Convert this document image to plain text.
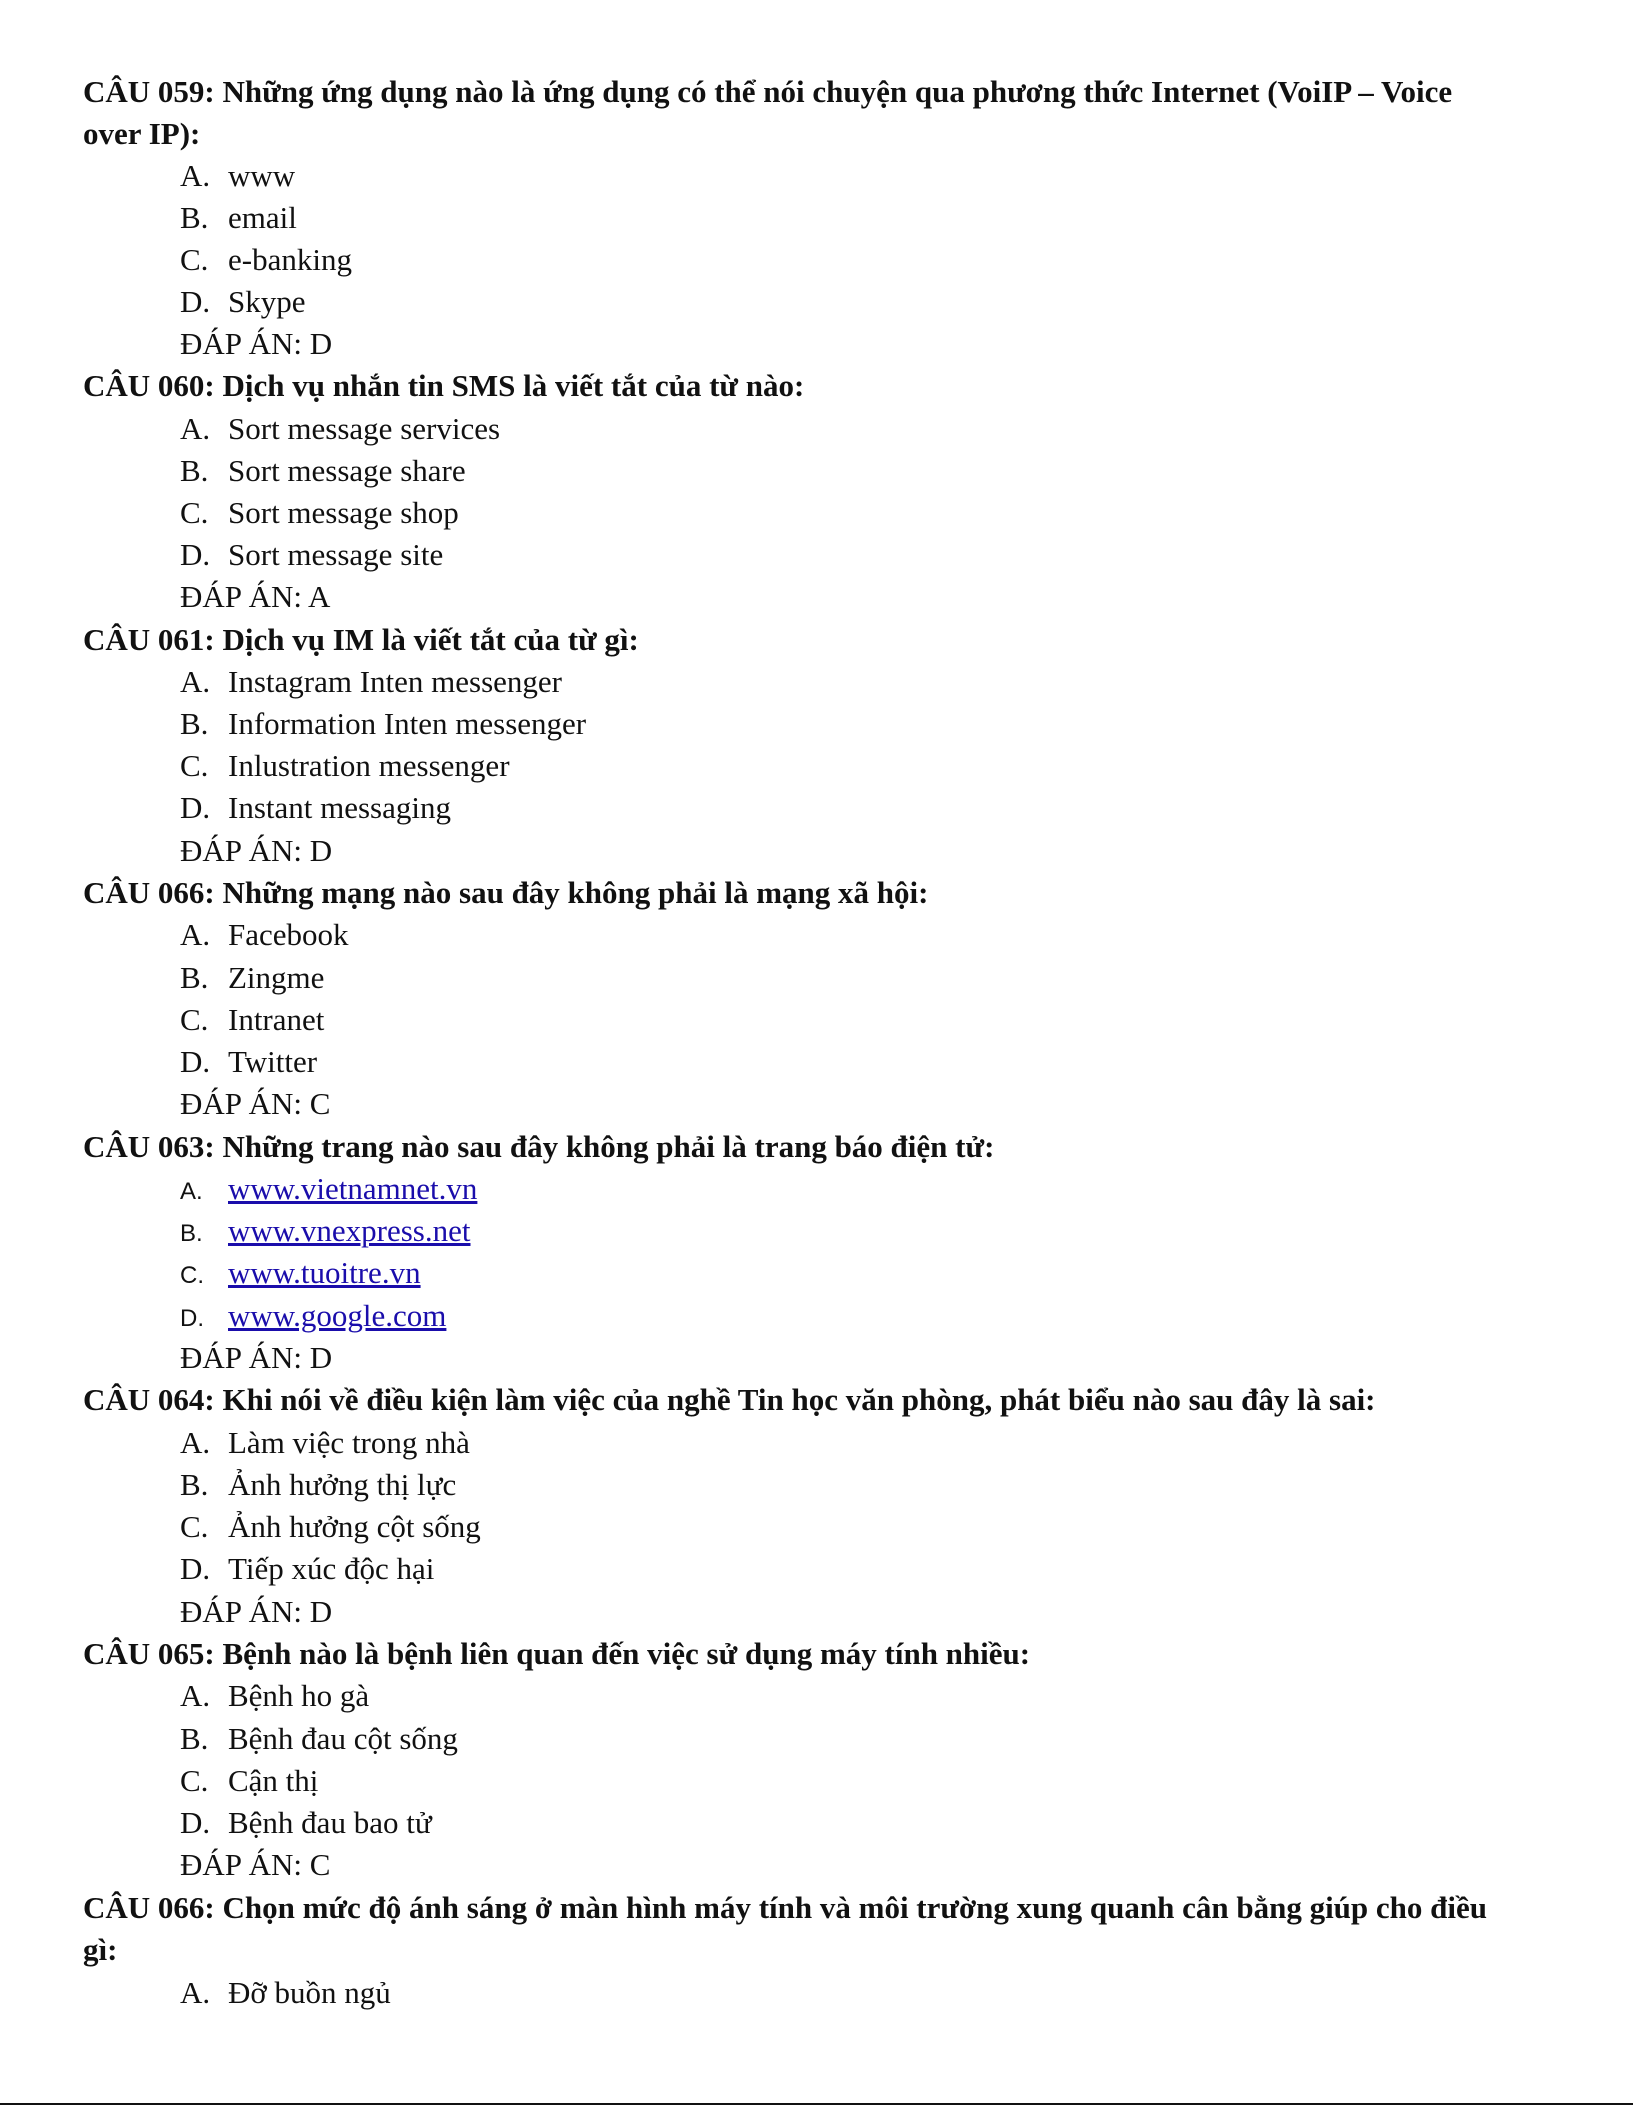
CÂU 059: Những ứng dụng nào là ứng dụng có thể nói chuyện qua phương thức Internet (VoiIP – Voice
over IP):
A. www
B. email
C. e-banking
D. Skype
ĐÁP ÁN: D
CÂU 060: Dịch vụ nhắn tin SMS là viết tắt của từ nào:
A. Sort message services
B. Sort message share
C. Sort message shop
D. Sort message site
ĐÁP ÁN: A
CÂU 061: Dịch vụ IM là viết tắt của từ gì:
A. Instagram Inten messenger
B. Information Inten messenger
C. Inlustration messenger
D. Instant messaging
ĐÁP ÁN: D
CÂU 066: Những mạng nào sau đây không phải là mạng xã hội:
A. Facebook
B. Zingme
C. Intranet
D. Twitter
ĐÁP ÁN: C
CÂU 063: Những trang nào sau đây không phải là trang báo điện tử:
A. www.vietnamnet.vn
B. www.vnexpress.net
C. www.tuoitre.vn
D. www.google.com
ĐÁP ÁN: D
CÂU 064: Khi nói về điều kiện làm việc của nghề Tin học văn phòng, phát biểu nào sau đây là sai:
A. Làm việc trong nhà
B. Ảnh hưởng thị lực
C. Ảnh hưởng cột sống
D. Tiếp xúc độc hại
ĐÁP ÁN: D
CÂU 065: Bệnh nào là bệnh liên quan đến việc sử dụng máy tính nhiều:
A. Bệnh ho gà
B. Bệnh đau cột sống
C. Cận thị
D. Bệnh đau bao tử
ĐÁP ÁN: C
CÂU 066: Chọn mức độ ánh sáng ở màn hình máy tính và môi trường xung quanh cân bằng giúp cho điều
gì:
A. Đỡ buồn ngủ
